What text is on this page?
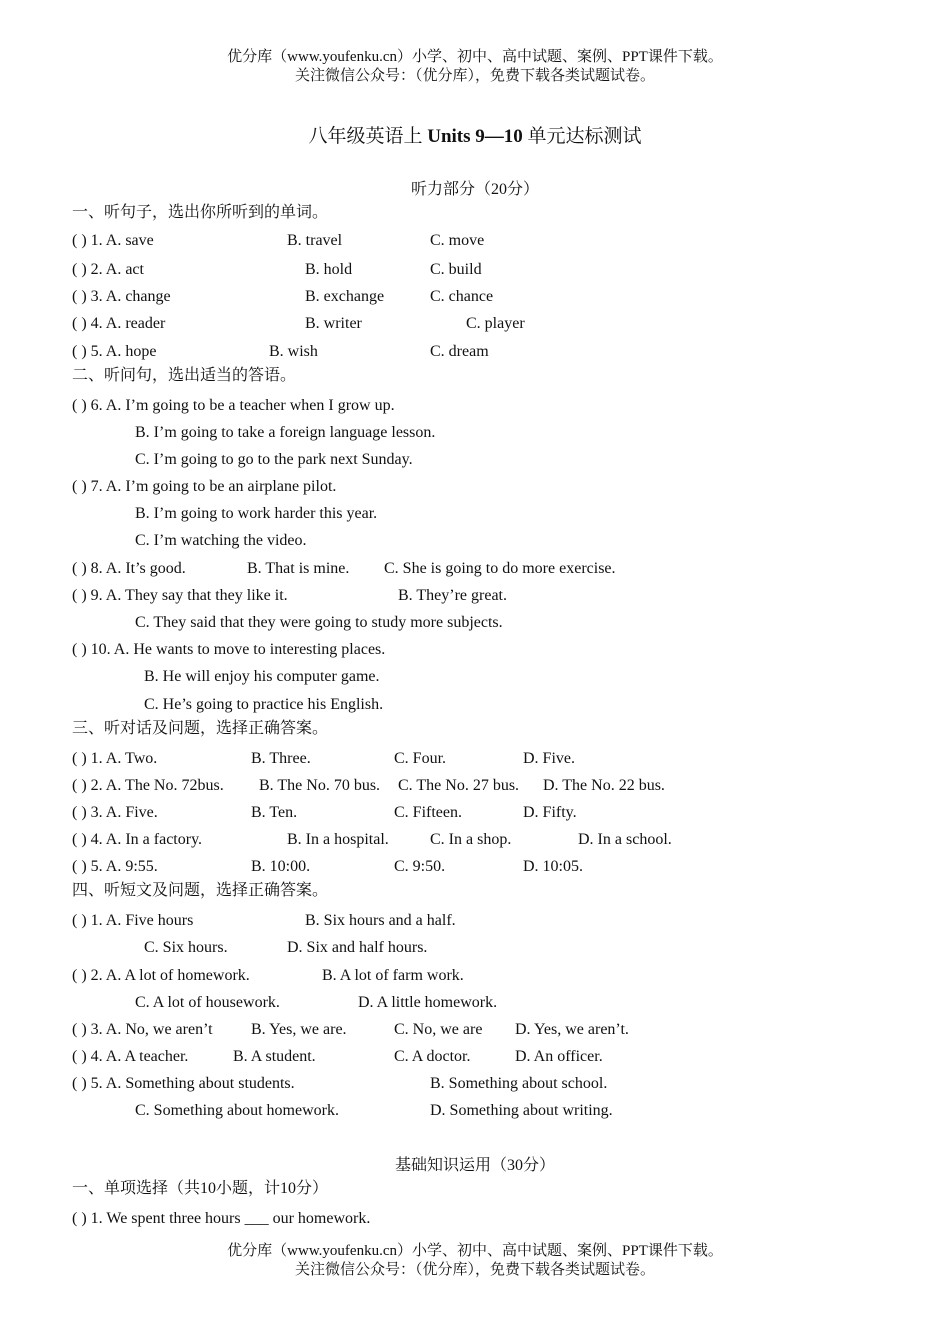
优分库（www.youfenku.cn）小学、初中、高中试题、案例、PPT课件下载。
关注微信公众号：（优分库），免费下载各类试题试卷。
八年级英语上 Units 9—10 单元达标测试
听力部分（20分）
一、听句子，选出你所听到的单词。
( ) 1. A. save	B. travel	C. move
( ) 2. A. act	B. hold	C. build
( ) 3. A. change	B. exchange	C. chance
( ) 4. A. reader	B. writer	C. player
( ) 5. A. hope	B. wish	C. dream
二、听问句，选出适当的答语。
( ) 6. A. I’m going to be a teacher when I grow up.
B. I’m going to take a foreign language lesson.
C. I’m going to go to the park next Sunday.
( ) 7. A. I’m going to be an airplane pilot.
B. I’m going to work harder this year.
C. I’m watching the video.
( ) 8. A. It’s good.	B. That is mine. C. She is going to do more exercise.
( ) 9. A. They say that they like it.	B. They’re great.
C. They said that they were going to study more subjects.
( ) 10. A. He wants to move to interesting places.
B. He will enjoy his computer game.
C. He’s going to practice his English.
三、听对话及问题，选择正确答案。
( ) 1. A. Two.	B. Three.	C. Four.	D. Five.
( ) 2. A. The No. 72bus. B. The No. 70 bus. C. The No. 27 bus. D. The No. 22 bus.
( ) 3. A. Five.	B. Ten.	C. Fifteen.	D. Fifty.
( ) 4. A. In a factory.	B. In a hospital.	C. In a shop.	D. In a school.
( ) 5. A. 9:55.	B. 10:00.	C. 9:50.	D. 10:05.
四、听短文及问题，选择正确答案。
( ) 1. A. Five hours	B. Six hours and a half.
C. Six hours.	D. Six and half hours.
( ) 2. A. A lot of homework.	B. A lot of farm work.
C. A lot of housework.	D. A little homework.
( ) 3. A. No, we aren’t B. Yes, we are.	C. No, we are D. Yes, we aren’t.
( ) 4. A. A teacher.	B. A student.	C. A doctor.	D. An officer.
( ) 5. A. Something about students.	B. Something about school.
C. Something about homework.	D. Something about writing.
基础知识运用（30分）
一、单项选择（共10小题，计10分）
( ) 1. We spent three hours ___ our homework.
优分库（www.youfenku.cn）小学、初中、高中试题、案例、PPT课件下载。
关注微信公众号：（优分库），免费下载各类试题试卷。
